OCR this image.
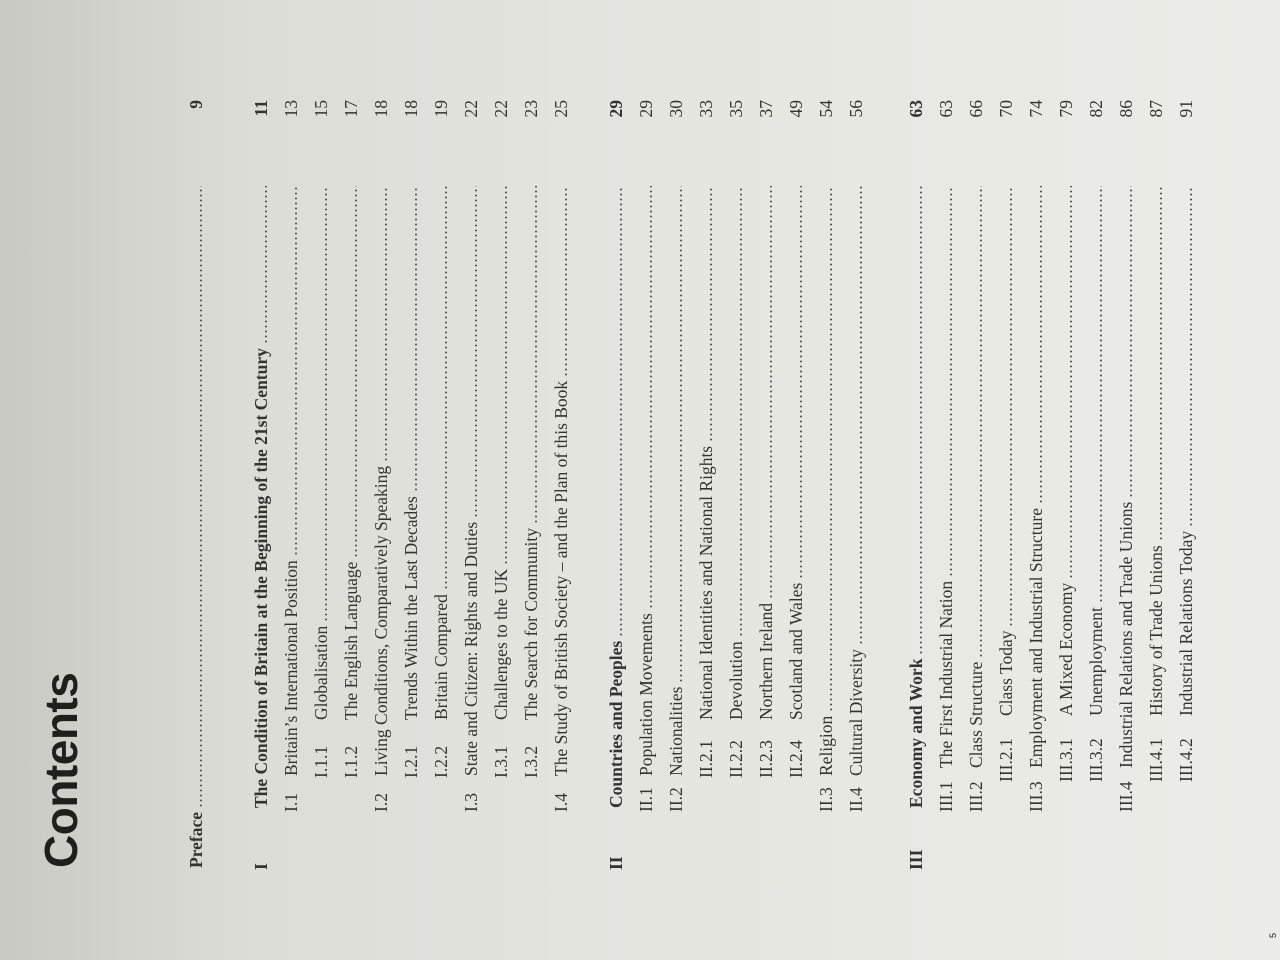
Contents	Preface
9
I
The Condition of Britain at the Beginning of the 21st Century
11
I.1
Britain’s International Position
13
I.1.1
Globalisation
15
I.1.2
The English Language
17
I.2
Living Conditions, Comparatively Speaking
18
I.2.1
Trends Within the Last Decades
18
I.2.2
Britain Compared
19
I.3
State and Citizen: Rights and Duties
22
I.3.1
Challenges to the UK
22
I.3.2
The Search for Community
23
I.4
The Study of British Society – and the Plan of this Book
25
II
Countries and Peoples
29
II.1
Population Movements
29
II.2
Nationalities
30
II.2.1
National Identities and National Rights
33
II.2.2
Devolution
35
II.2.3
Northern Ireland
37
II.2.4
Scotland and Wales
49
II.3
Religion
54
II.4
Cultural Diversity
56
III
Economy and Work
63
III.1
The First Industrial Nation
63
III.2
Class Structure
66
III.2.1
Class Today
70
III.3
Employment and Industrial Structure
74
III.3.1
A Mixed Economy
79
III.3.2
Unemployment
82
III.4
Industrial Relations and Trade Unions
86
III.4.1
History of Trade Unions
87
III.4.2
Industrial Relations Today
91
5
